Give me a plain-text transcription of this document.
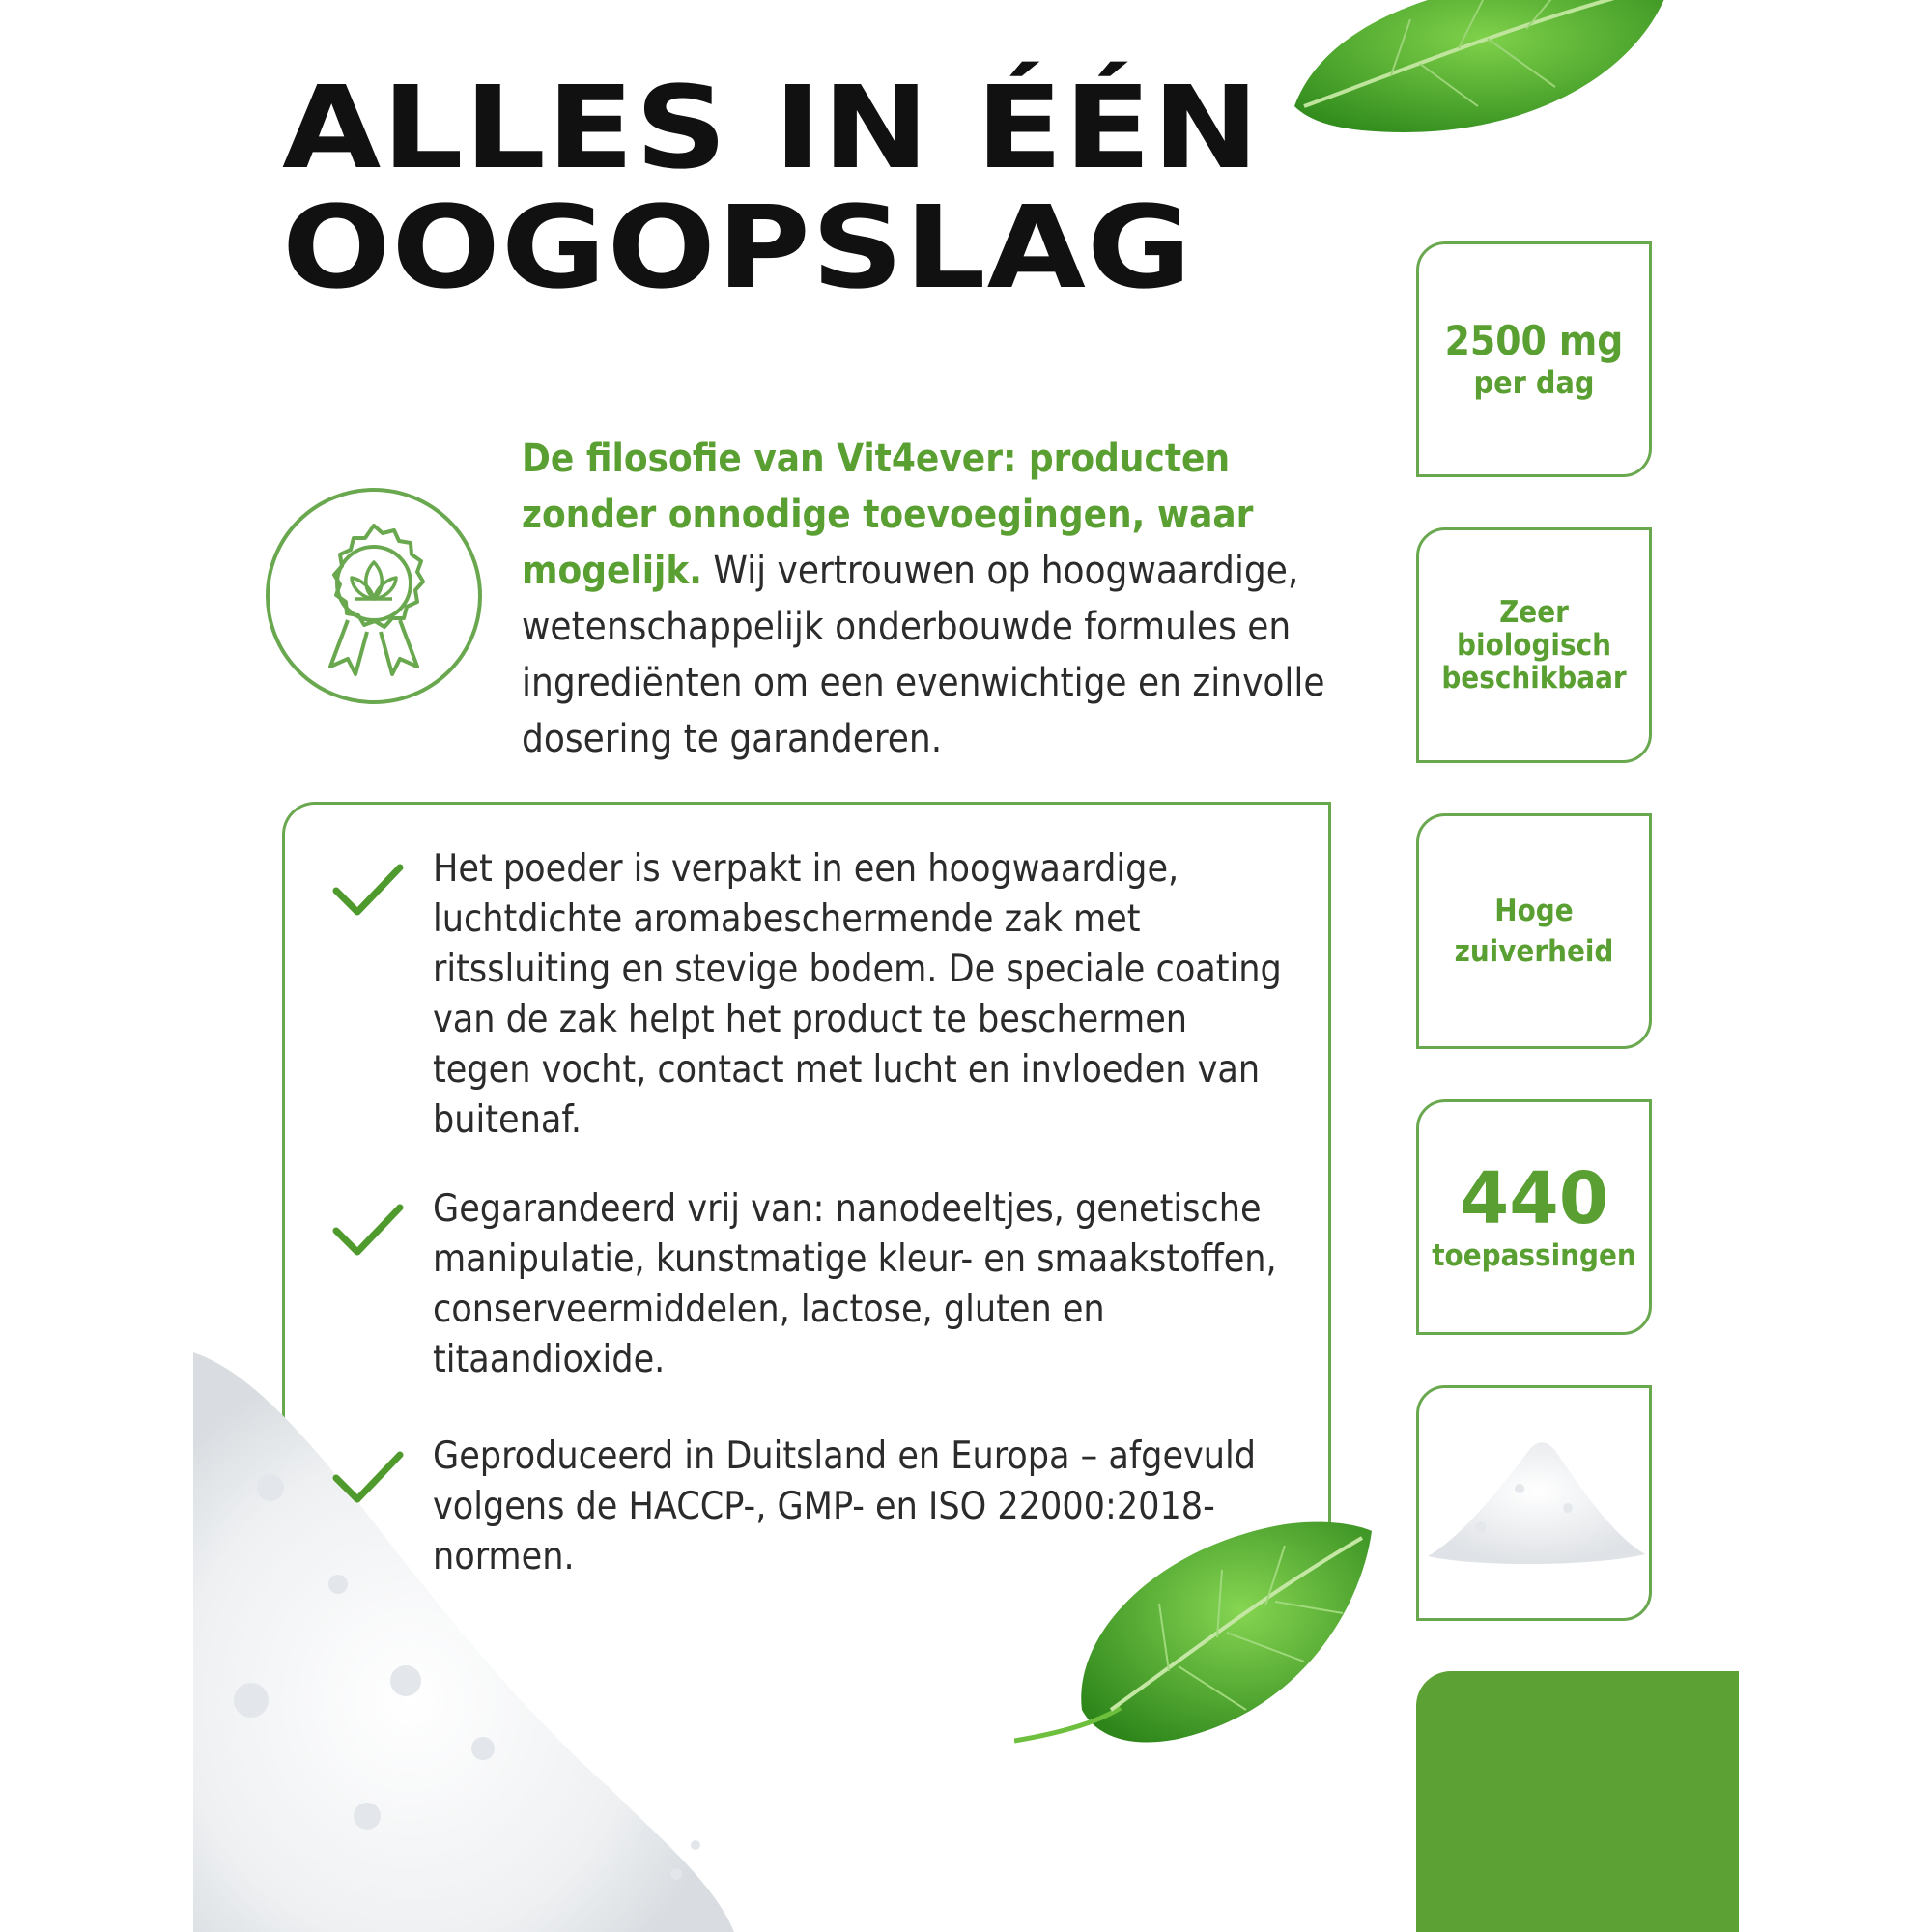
ALLES IN ÉÉN
OOGOPSLAG

De filosofie van Vit4ever: producten zonder onnodige toevoegingen, waar mogelijk. Wij vertrouwen op hoogwaardige, wetenschappelijk onderbouwde formules en ingrediënten om een evenwichtige en zinvolle dosering te garanderen.

Het poeder is verpakt in een hoogwaardige, luchtdichte aromabeschermende zak met ritssluiting en stevige bodem. De speciale coating van de zak helpt het product te beschermen tegen vocht, contact met lucht en invloeden van buitenaf.

Gegarandeerd vrij van: nanodeeltjes, genetische manipulatie, kunstmatige kleur- en smaakstoffen, conserveermiddelen, lactose, gluten en titaandioxide.

Geproduceerd in Duitsland en Europa – afgevuld volgens de HACCP-, GMP- en ISO 22000:2018-normen.

2500 mg
per dag
Zeer
biologisch
beschikbaar
Hoge
zuiverheid
440
toepassingen
